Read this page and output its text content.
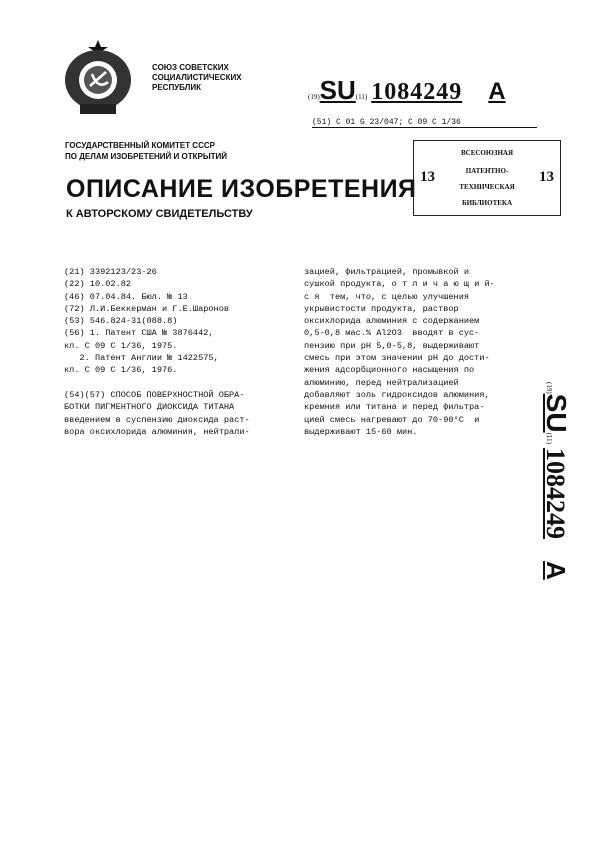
СОЮЗ СОВЕТСКИХ
СОЦИАЛИСТИЧЕСКИХ
РЕСПУБЛИК
(19)SU(11) 1084249 A
(51) C 01 G 23/047; C 09 C 1/36
ГОСУДАРСТВЕННЫЙ КОМИТЕТ СССР
ПО ДЕЛАМ ИЗОБРЕТЕНИЙ И ОТКРЫТИЙ
ОПИСАНИЕ ИЗОБРЕТЕНИЯ
К АВТОРСКОМУ СВИДЕТЕЛЬСТВУ
ВСЕСОЮЗНАЯ
ПАТЕНТНО-
ТЕХНИЧЕСКАЯ
БИБЛИОТЕКА
13	13
(21) 3392123/23-26
(22) 10.02.82
(46) 07.04.84. Бюл. № 13
(72) Л.И.Беккерман и Г.Е.Шаронов
(53) 546.824-31(088.8)
(56) 1. Патент США № 3876442,
кл. C 09 C 1/36, 1975.
2. Патент Англии № 1422575,
кл. C 09 C 1/36, 1976.
(54)(57) СПОСОБ ПОВЕРХНОСТНОЙ ОБРА-
БОТКИ ПИГМЕНТНОГО ДИОКСИДА ТИТАНА
введением в суспензию диоксида раст-
вора оксихлорида алюминия, нейтрали-
зацией, фильтрацией, промывкой и
сушкой продукта, о т л и ч а ю щ и й-
с я  тем, что, с целью улучшения
укрывистости продукта, раствор
оксихлорида алюминия с содержанием
0,5-0,8 мас.% Al2O3  вводят в сус-
пензию при pH 5,0-5,8, выдерживают
смесь при этом значении pH до дости-
жения адсорбционного насыщения по
алюминию, перед нейтрализацией
добавляют золь гидроксидов алюминия,
кремния или титана и перед фильтра-
цией смесь нагревают до 70-90°C  и
выдерживают 15-60 мин.
(19)SU(11)1084249A
